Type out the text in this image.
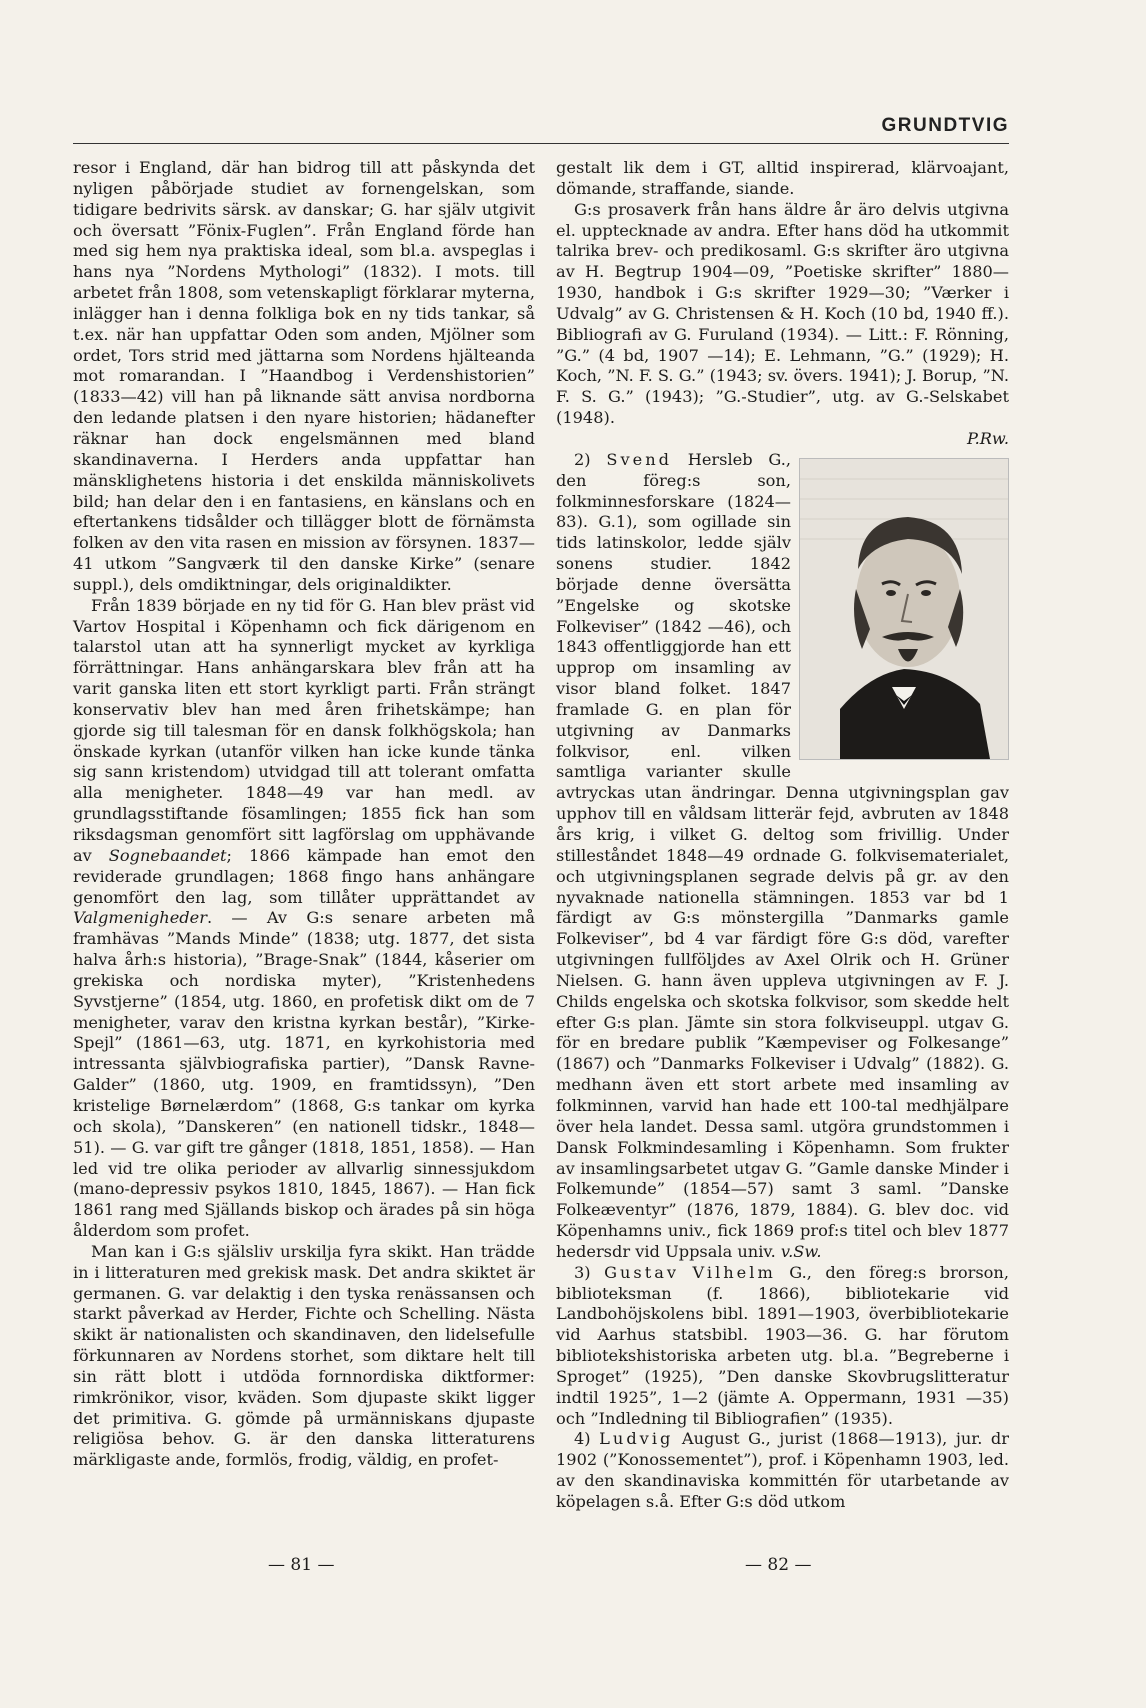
GRUNDTVIG

resor i England, där han bidrog till att påskynda det nyligen påbörjade studiet av fornengelskan, som tidigare bedrivits särsk. av danskar; G. har själv utgivit och översatt ”Fönix-Fuglen”. Från England förde han med sig hem nya praktiska ideal, som bl.a. avspeglas i hans nya ”Nordens Mythologi” (1832). I mots. till arbetet från 1808, som vetenskapligt förklarar myterna, inlägger han i denna folkliga bok en ny tids tankar, så t.ex. när han uppfattar Oden som anden, Mjölner som ordet, Tors strid med jättarna som Nordens hjälteanda mot romarandan. I ”Haandbog i Verdenshistorien” (1833—42) vill han på liknande sätt anvisa nordborna den ledande platsen i den nyare historien; hädanefter räknar han dock engelsmännen med bland skandinaverna. I Herders anda uppfattar han mänsklighetens historia i det enskilda människolivets bild; han delar den i en fantasiens, en känslans och en eftertankens tidsålder och tillägger blott de förnämsta folken av den vita rasen en mission av försynen. 1837—41 utkom ”Sangværk til den danske Kirke” (senare suppl.), dels omdiktningar, dels originaldikter.

Från 1839 började en ny tid för G. Han blev präst vid Vartov Hospital i Köpenhamn och fick därigenom en talarstol utan att ha synnerligt mycket av kyrkliga förrättningar. Hans anhängarskara blev från att ha varit ganska liten ett stort kyrkligt parti. Från strängt konservativ blev han med åren frihetskämpe; han gjorde sig till talesman för en dansk folkhögskola; han önskade kyrkan (utanför vilken han icke kunde tänka sig sann kristendom) utvidgad till att tolerant omfatta alla menigheter. 1848—49 var han medl. av grundlagsstiftande fösamlingen; 1855 fick han som riksdagsman genomfört sitt lagförslag om upphävande av Sognebaandet; 1866 kämpade han emot den reviderade grundlagen; 1868 fingo hans anhängare genomfört den lag, som tillåter upprättandet av Valgmenigheder. — Av G:s senare arbeten må framhävas ”Mands Minde” (1838; utg. 1877, det sista halva årh:s historia), ”Brage-Snak” (1844, kåserier om grekiska och nordiska myter), ”Kristenhedens Syvstjerne” (1854, utg. 1860, en profetisk dikt om de 7 menigheter, varav den kristna kyrkan består), ”Kirke-Spejl” (1861—63, utg. 1871, en kyrkohistoria med intressanta självbiografiska partier), ”Dansk Ravne-Galder” (1860, utg. 1909, en framtidssyn), ”Den kristelige Børnelærdom” (1868, G:s tankar om kyrka och skola), ”Danskeren” (en nationell tidskr., 1848—51). — G. var gift tre gånger (1818, 1851, 1858). — Han led vid tre olika perioder av allvarlig sinnessjukdom (mano-depressiv psykos 1810, 1845, 1867). — Han fick 1861 rang med Själlands biskop och ärades på sin höga ålderdom som profet.

Man kan i G:s själsliv urskilja fyra skikt. Han trädde in i litteraturen med grekisk mask. Det andra skiktet är germanen. G. var delaktig i den tyska renässansen och starkt påverkad av Herder, Fichte och Schelling. Nästa skikt är nationalisten och skandinaven, den lidelsefulle förkunnaren av Nordens storhet, som diktare helt till sin rätt blott i utdöda fornnordiska diktformer: rimkrönikor, visor, kväden. Som djupaste skikt ligger det primitiva. G. gömde på urmänniskans djupaste religiösa behov. G. är den danska litteraturens märkligaste ande, formlös, frodig, väldig, en profet-

gestalt lik dem i GT, alltid inspirerad, klärvoajant, dömande, straffande, siande.

G:s prosaverk från hans äldre år äro delvis utgivna el. upptecknade av andra. Efter hans död ha utkommit talrika brev- och predikosaml. G:s skrifter äro utgivna av H. Begtrup 1904—09, ”Poetiske skrifter” 1880—1930, handbok i G:s skrifter 1929—30; ”Værker i Udvalg” av G. Christensen & H. Koch (10 bd, 1940 ff.). Bibliografi av G. Furuland (1934). — Litt.: F. Rönning, ”G.” (4 bd, 1907 —14); E. Lehmann, ”G.” (1929); H. Koch, ”N. F. S. G.” (1943; sv. övers. 1941); J. Borup, ”N. F. S. G.” (1943); ”G.-Studier”, utg. av G.-Selskabet (1948).
P.Rw.

2) Svend Hersleb G., den föreg:s son, folkminnesforskare (1824—83). G.1), som ogillade sin tids latinskolor, ledde själv sonens studier. 1842 började denne översätta ”Engelske og skotske Folkeviser” (1842 —46), och 1843 offentliggjorde han ett upprop om insamling av visor bland folket. 1847 framlade G. en plan för utgivning av Danmarks folkvisor, enl. vilken samtliga varianter skulle avtryckas utan ändringar. Denna utgivningsplan gav upphov till en våldsam litterär fejd, avbruten av 1848 års krig, i vilket G. deltog som frivillig. Under stilleståndet 1848—49 ordnade G. folkvisematerialet, och utgivningsplanen segrade delvis på gr. av den nyvaknade nationella stämningen. 1853 var bd 1 färdigt av G:s mönstergilla ”Danmarks gamle Folkeviser”, bd 4 var färdigt före G:s död, varefter utgivningen fullföljdes av Axel Olrik och H. Grüner Nielsen. G. hann även uppleva utgivningen av F. J. Childs engelska och skotska folkvisor, som skedde helt efter G:s plan. Jämte sin stora folkviseuppl. utgav G. för en bredare publik ”Kæmpeviser og Folkesange” (1867) och ”Danmarks Folkeviser i Udvalg” (1882). G. medhann även ett stort arbete med insamling av folkminnen, varvid han hade ett 100-tal medhjälpare över hela landet. Dessa saml. utgöra grundstommen i Dansk Folkmindesamling i Köpenhamn. Som frukter av insamlingsarbetet utgav G. ”Gamle danske Minder i Folkemunde” (1854—57) samt 3 saml. ”Danske Folkeæventyr” (1876, 1879, 1884). G. blev doc. vid Köpenhamns univ., fick 1869 prof:s titel och blev 1877 hedersdr vid Uppsala univ. v.Sw.

3) Gustav Vilhelm G., den föreg:s brorson, biblioteksman (f. 1866), bibliotekarie vid Landbohöjskolens bibl. 1891—1903, överbibliotekarie vid Aarhus statsbibl. 1903—36. G. har förutom bibliotekshistoriska arbeten utg. bl.a. ”Begreberne i Sproget” (1925), ”Den danske Skovbrugslitteratur indtil 1925”, 1—2 (jämte A. Oppermann, 1931 —35) och ”Indledning til Bibliografien” (1935).

4) Ludvig August G., jurist (1868—1913), jur. dr 1902 (”Konossementet”), prof. i Köpenhamn 1903, led. av den skandinaviska kommittén för utarbetande av köpelagen s.å. Efter G:s död utkom

— 81 —	— 82 —
